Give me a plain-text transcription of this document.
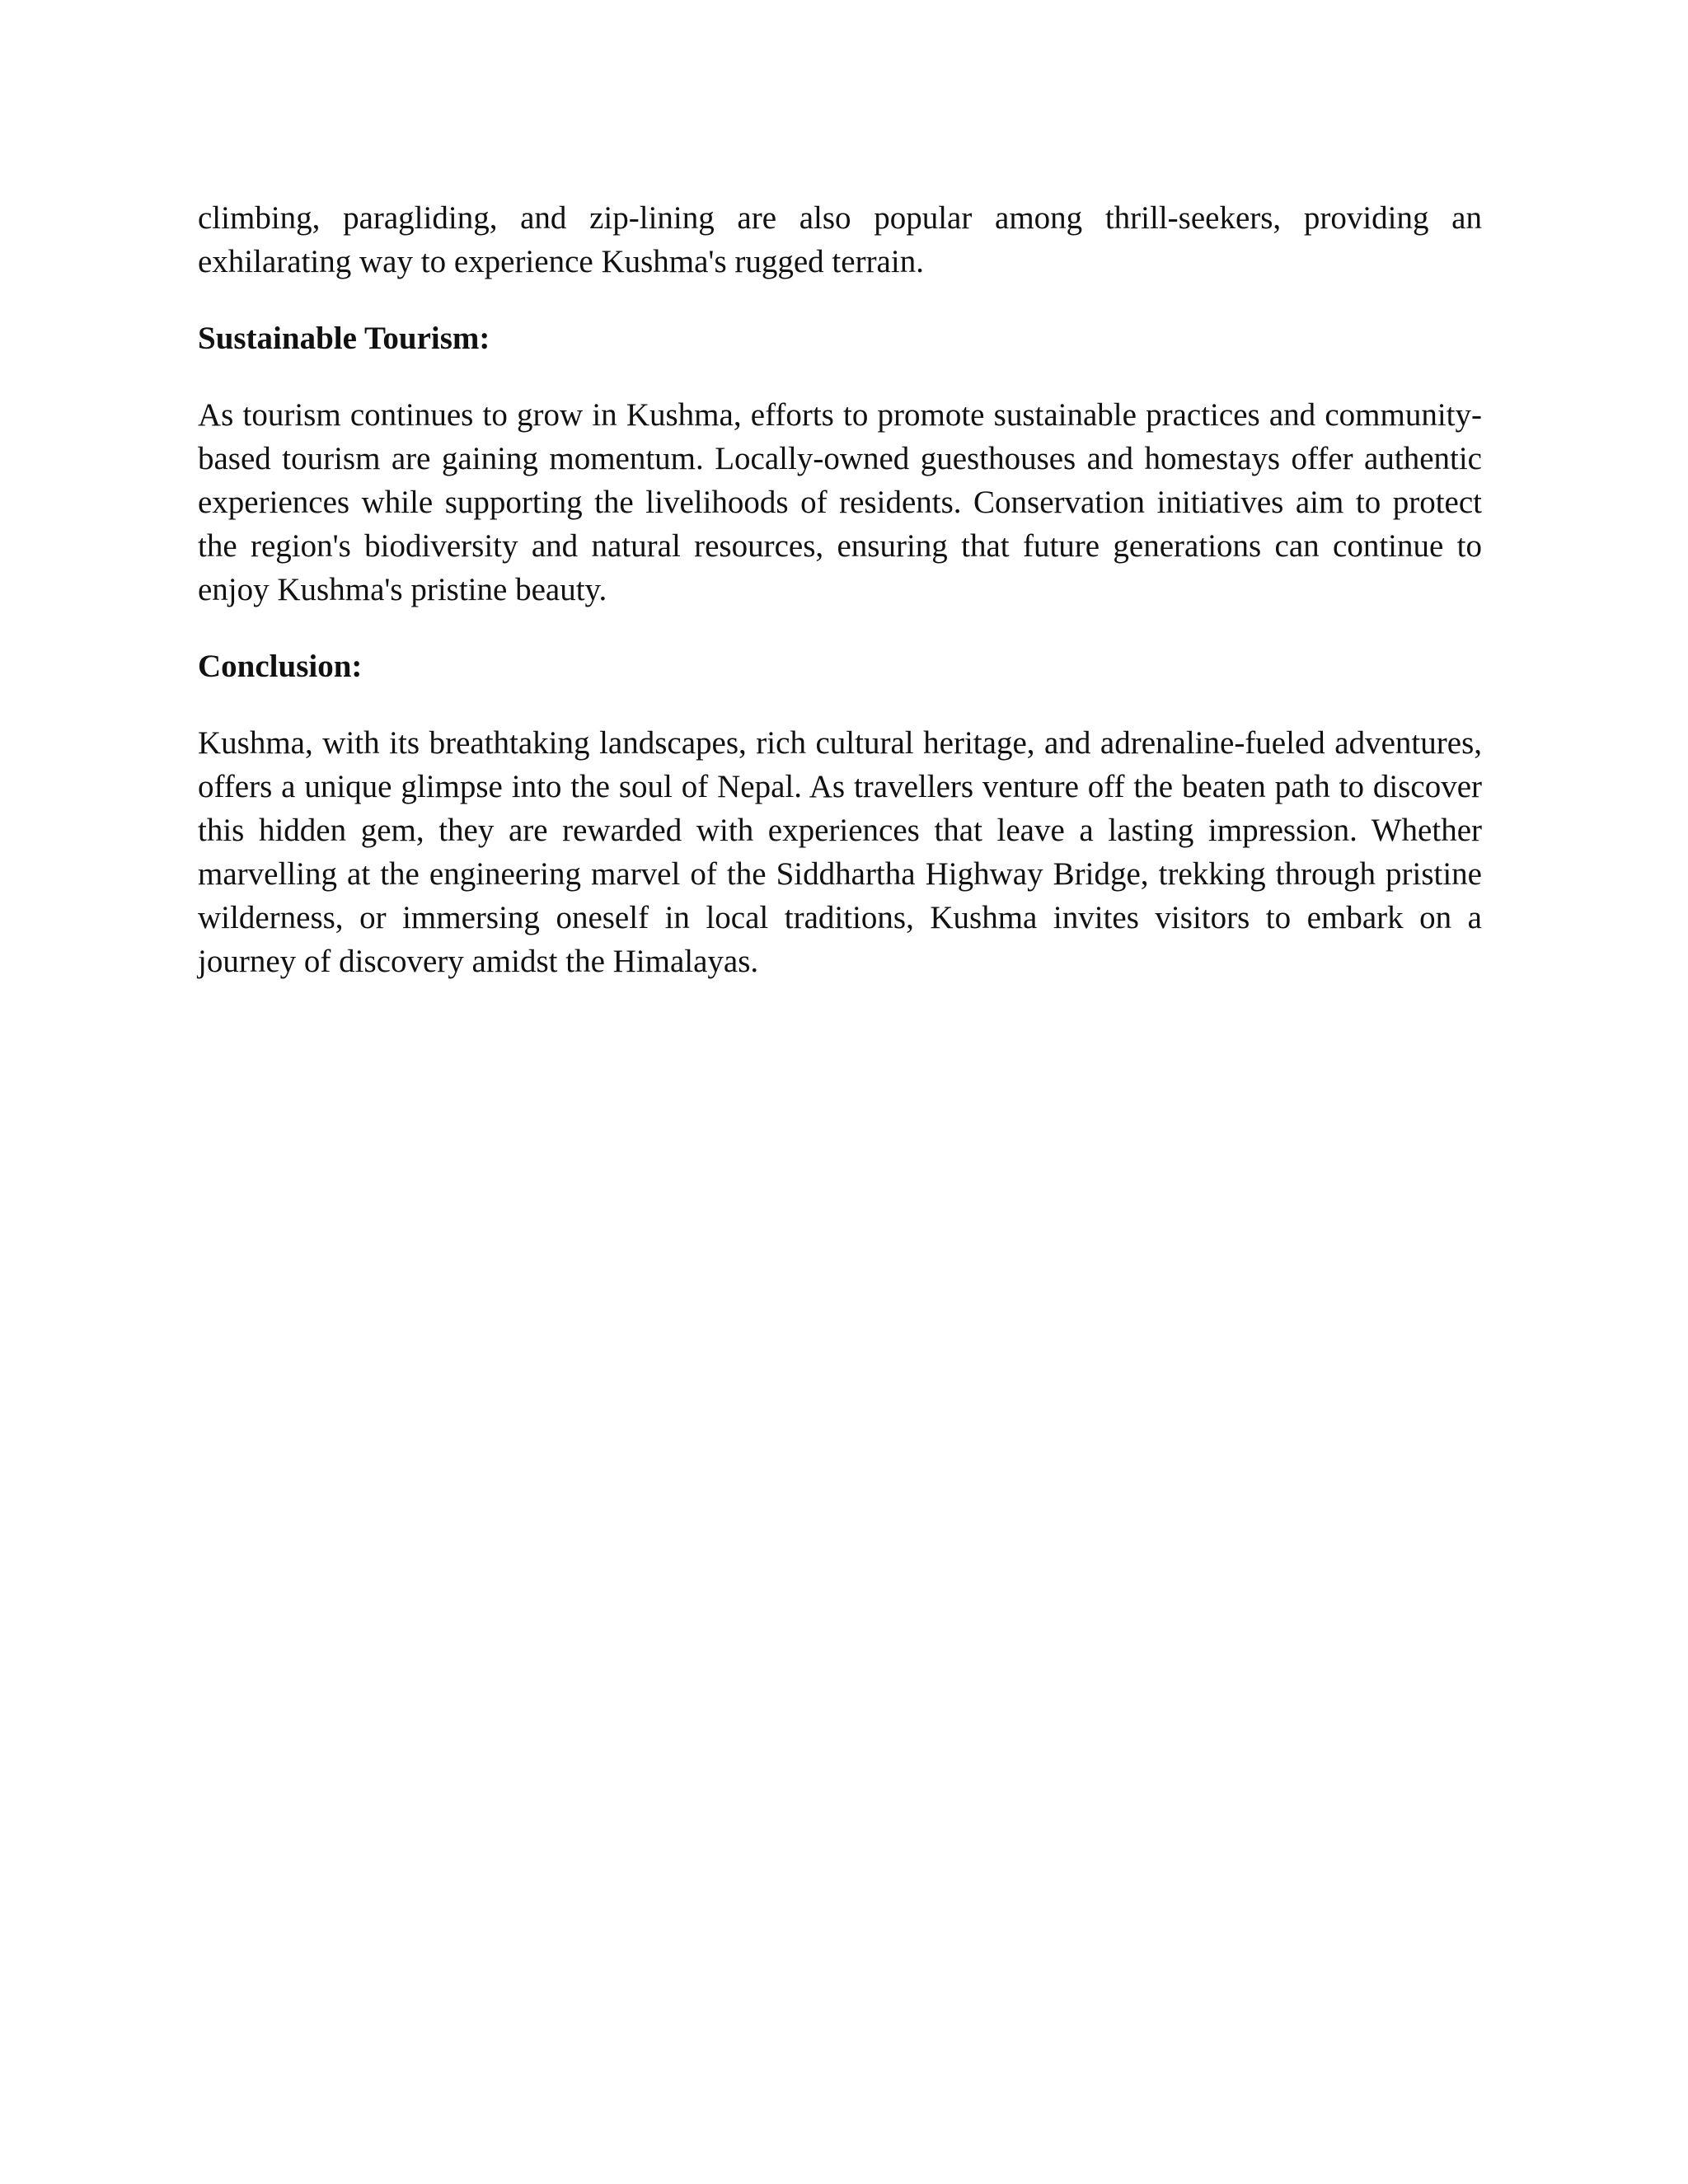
climbing, paragliding, and zip-lining are also popular among thrill-seekers, providing an exhilarating way to experience Kushma's rugged terrain.

Sustainable Tourism:

As tourism continues to grow in Kushma, efforts to promote sustainable practices and community-based tourism are gaining momentum. Locally-owned guesthouses and homestays offer authentic experiences while supporting the livelihoods of residents. Conservation initiatives aim to protect the region's biodiversity and natural resources, ensuring that future generations can continue to enjoy Kushma's pristine beauty.

Conclusion:

Kushma, with its breathtaking landscapes, rich cultural heritage, and adrenaline-fueled adventures, offers a unique glimpse into the soul of Nepal. As travellers venture off the beaten path to discover this hidden gem, they are rewarded with experiences that leave a lasting impression. Whether marvelling at the engineering marvel of the Siddhartha Highway Bridge, trekking through pristine wilderness, or immersing oneself in local traditions, Kushma invites visitors to embark on a journey of discovery amidst the Himalayas.
